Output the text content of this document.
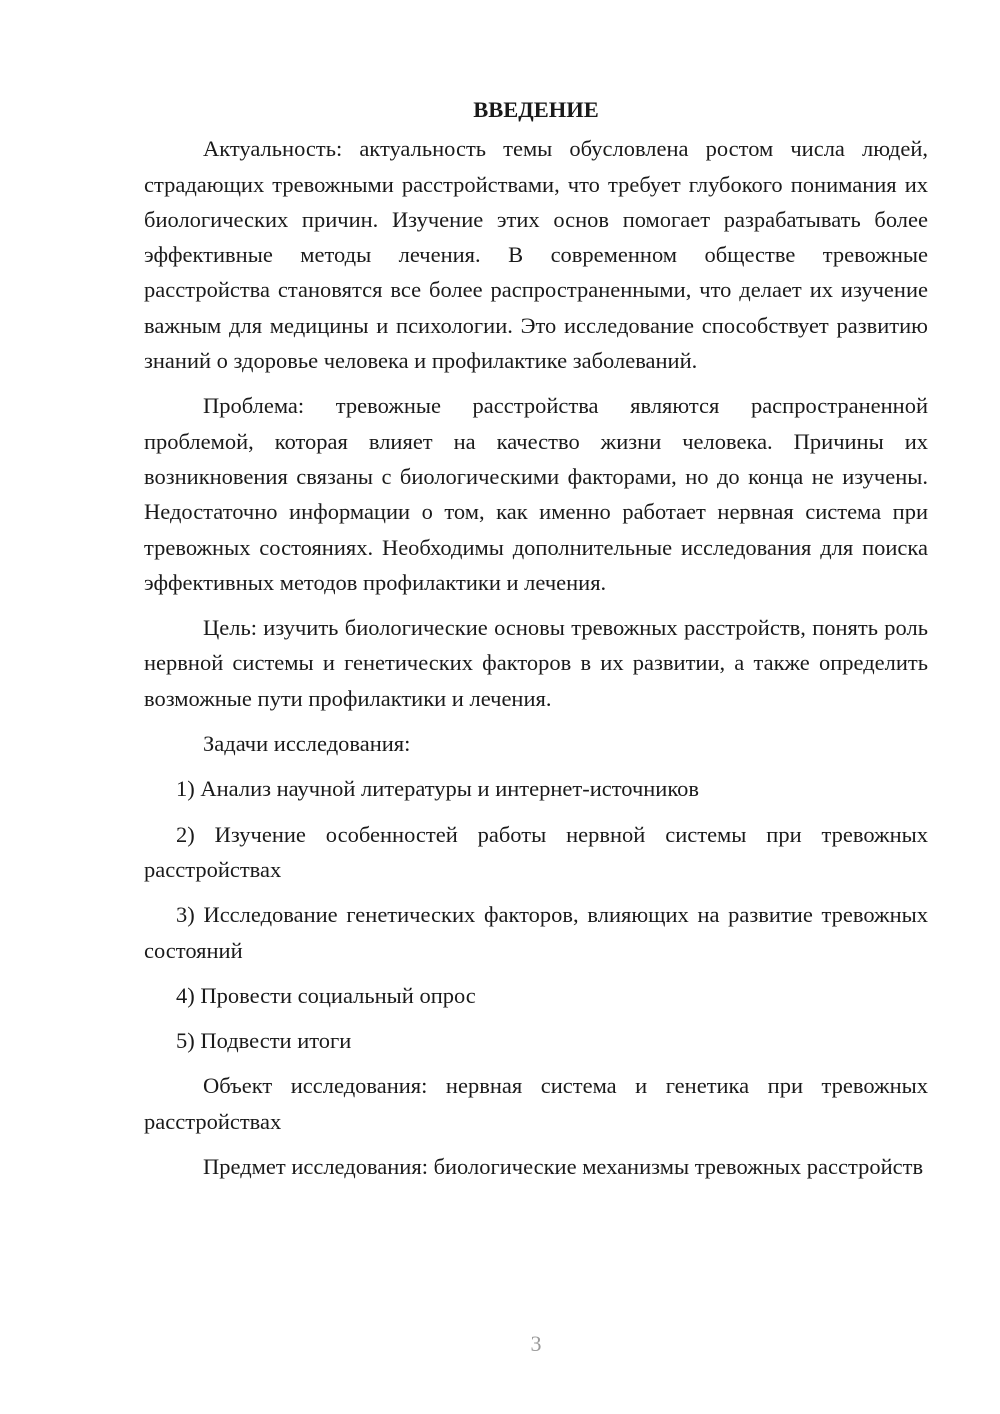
ВВЕДЕНИЕ

Актуальность: актуальность темы обусловлена ростом числа людей, страдающих тревожными расстройствами, что требует глубокого понимания их биологических причин. Изучение этих основ помогает разрабатывать более эффективные методы лечения. В современном обществе тревожные расстройства становятся все более распространенными, что делает их изучение важным для медицины и психологии. Это исследование способствует развитию знаний о здоровье человека и профилактике заболеваний.

Проблема: тревожные расстройства являются распространенной проблемой, которая влияет на качество жизни человека. Причины их возникновения связаны с биологическими факторами, но до конца не изучены. Недостаточно информации о том, как именно работает нервная система при тревожных состояниях. Необходимы дополнительные исследования для поиска эффективных методов профилактики и лечения.

Цель: изучить биологические основы тревожных расстройств, понять роль нервной системы и генетических факторов в их развитии, а также определить возможные пути профилактики и лечения.

Задачи исследования:

1) Анализ научной литературы и интернет-источников

2) Изучение особенностей работы нервной системы при тревожных расстройствах

3) Исследование генетических факторов, влияющих на развитие тревожных состояний

4) Провести социальный опрос

5) Подвести итоги

Объект исследования: нервная система и генетика при тревожных расстройствах

Предмет исследования: биологические механизмы тревожных расстройств

3
